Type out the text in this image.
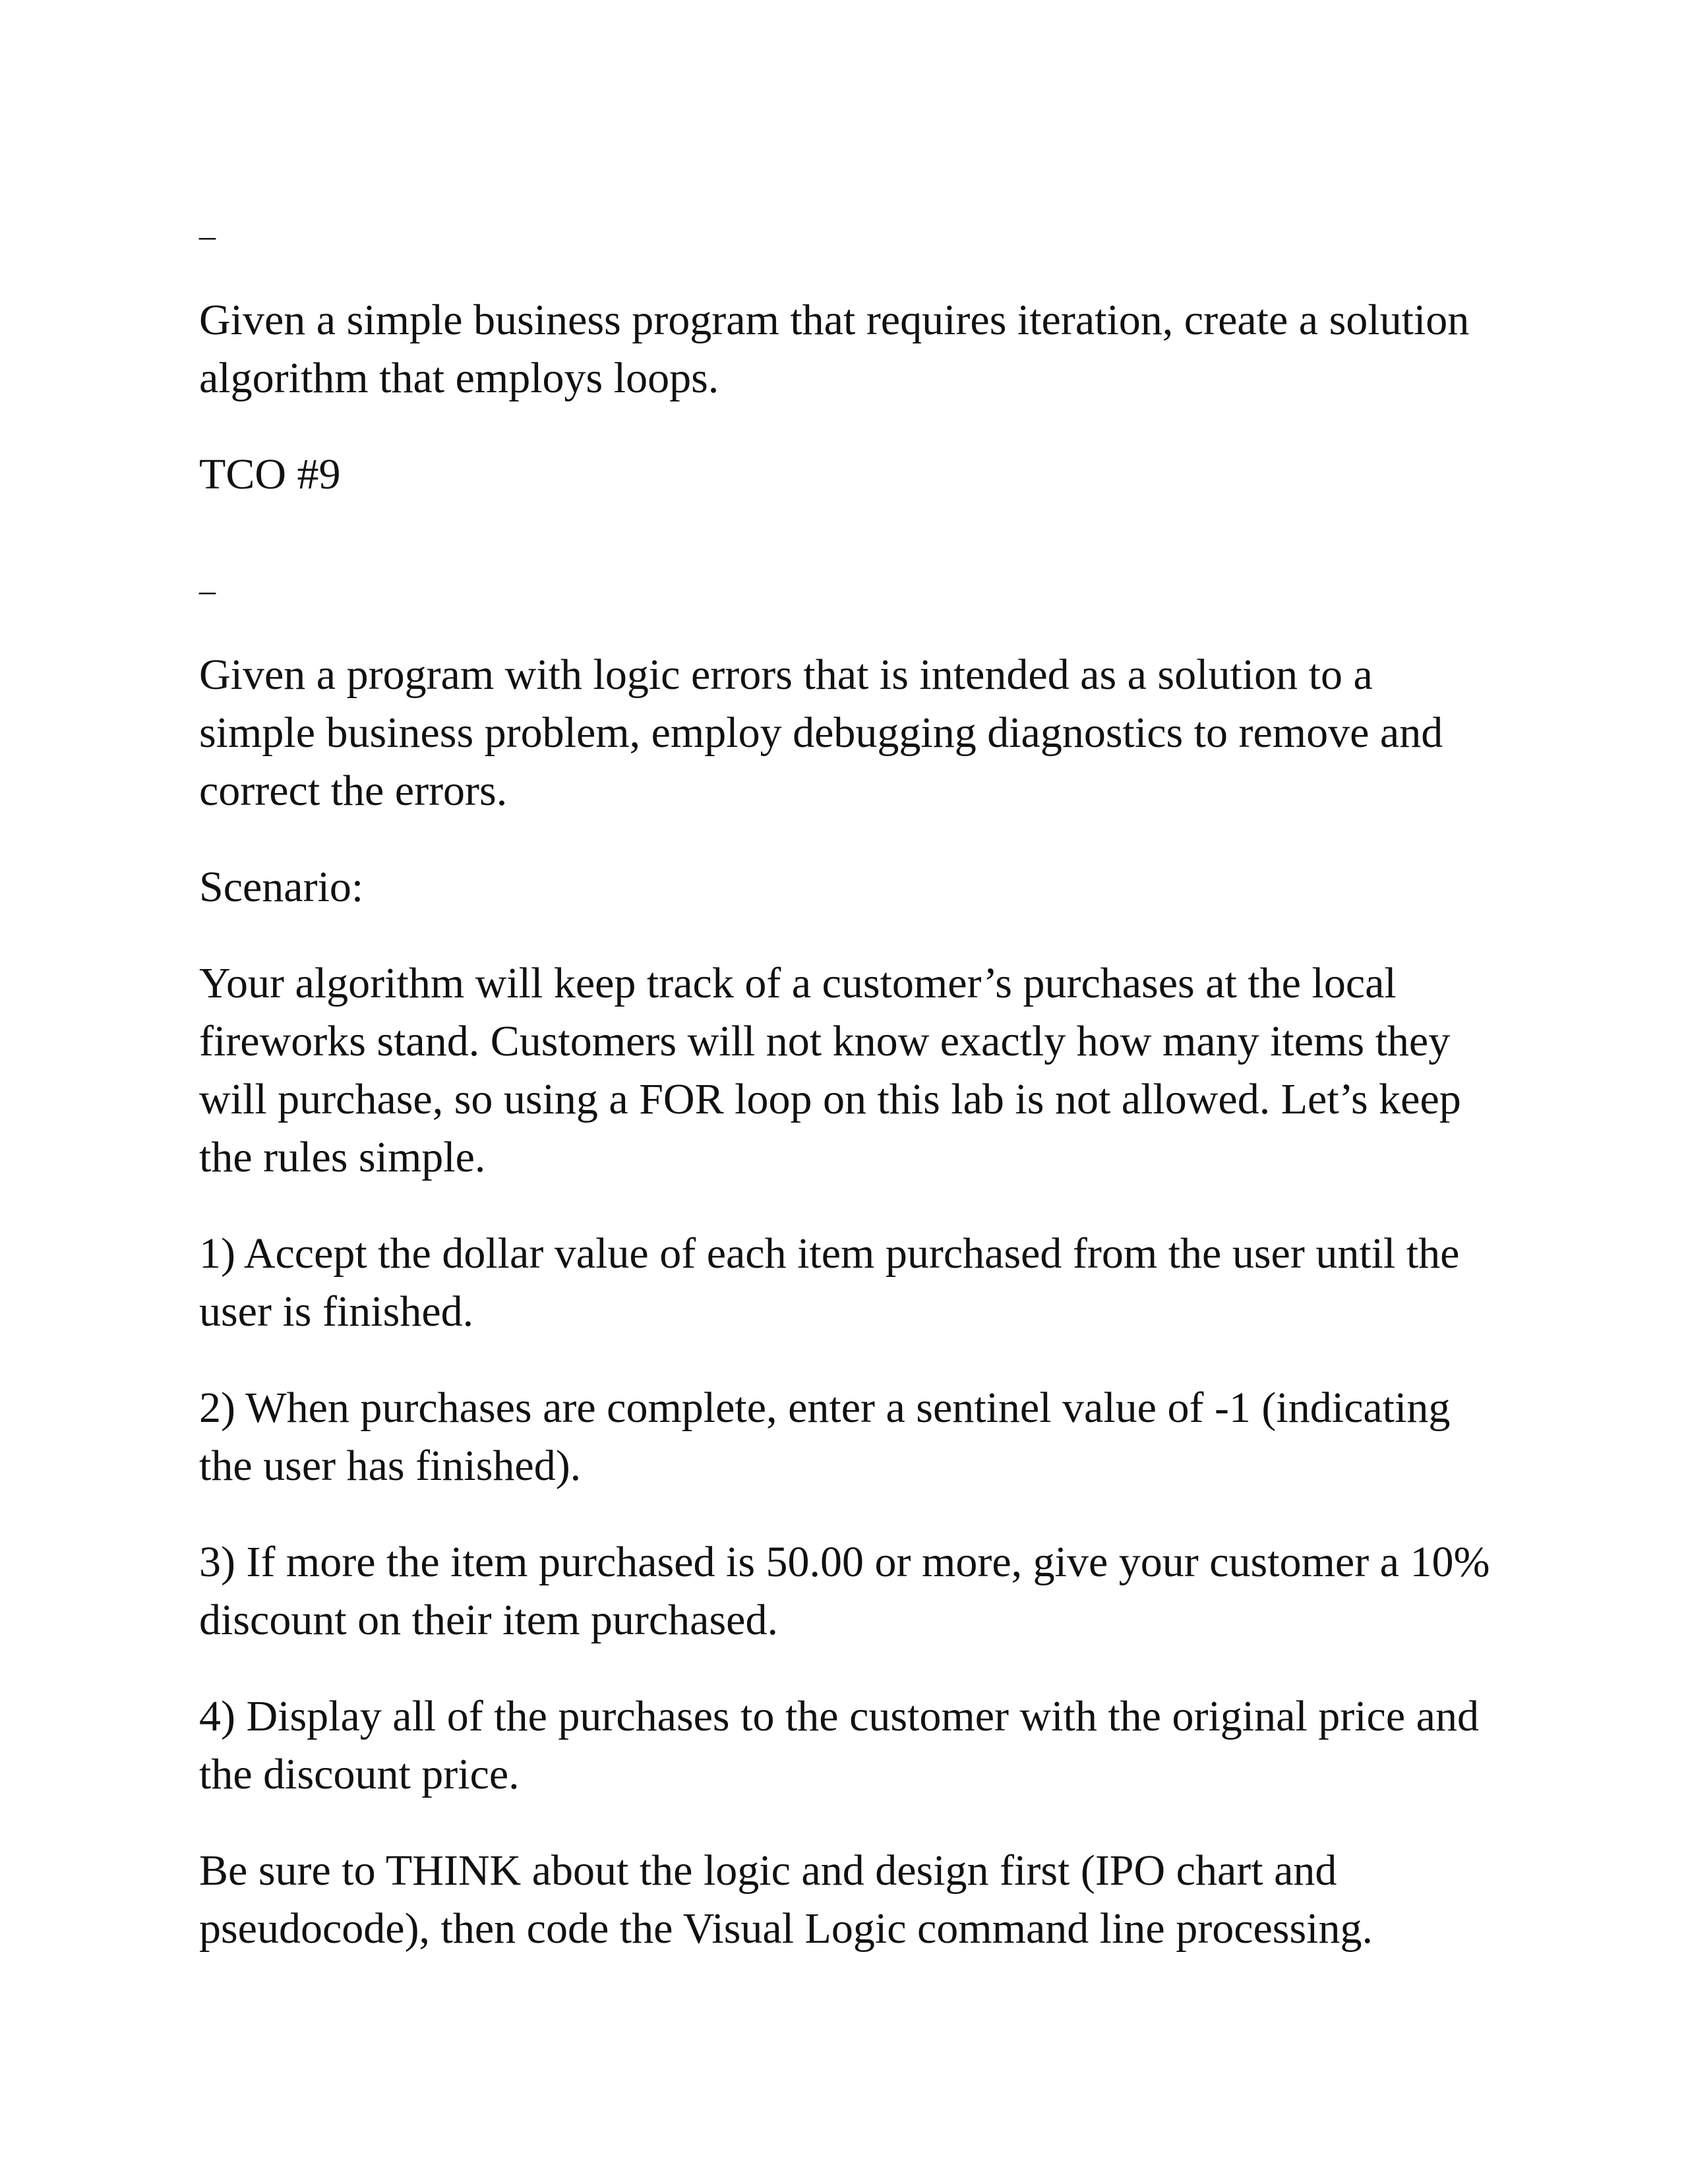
_

Given a simple business program that requires iteration, create a solution algorithm that employs loops.

TCO #9

_

Given a program with logic errors that is intended as a solution to a simple business problem, employ debugging diagnostics to remove and correct the errors.

Scenario:

Your algorithm will keep track of a customer’s purchases at the local fireworks stand. Customers will not know exactly how many items they will purchase, so using a FOR loop on this lab is not allowed. Let’s keep the rules simple.

1) Accept the dollar value of each item purchased from the user until the user is finished.

2) When purchases are complete, enter a sentinel value of -1 (indicating the user has finished).

3) If more the item purchased is 50.00 or more, give your customer a 10% discount on their item purchased.

4) Display all of the purchases to the customer with the original price and the discount price.

Be sure to THINK about the logic and design first (IPO chart and pseudocode), then code the Visual Logic command line processing.
